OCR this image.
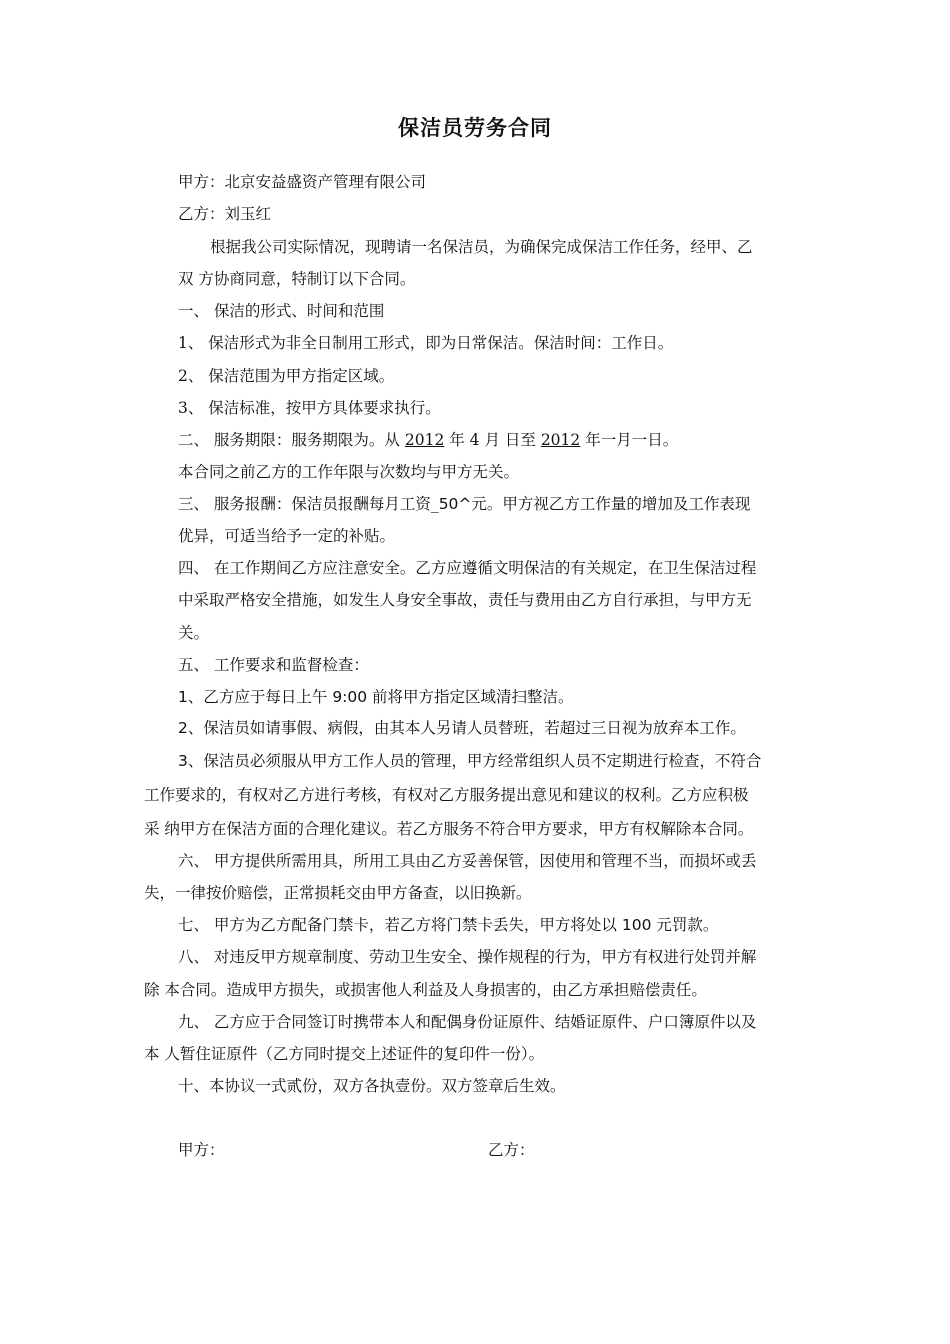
保洁员劳务合同
甲方：北京安益盛资产管理有限公司
乙方：刘玉红
根据我公司实际情况，现聘请一名保洁员，为确保完成保洁工作任务，经甲、乙
双 方协商同意，特制订以下合同。
一、 保洁的形式、时间和范围
1、 保洁形式为非全日制用工形式，即为日常保洁。保洁时间：工作日。
2、 保洁范围为甲方指定区域。
3、 保洁标准，按甲方具体要求执行。
二、 服务期限：服务期限为。从 2012 年 4 月 日至 2012 年一月一日。
本合同之前乙方的工作年限与次数均与甲方无关。
三、 服务报酬：保洁员报酬每月工资_50^元。甲方视乙方工作量的增加及工作表现
优异，可适当给予一定的补贴。
四、 在工作期间乙方应注意安全。乙方应遵循文明保洁的有关规定，在卫生保洁过程
中采取严格安全措施，如发生人身安全事故，责任与费用由乙方自行承担，与甲方无
关。
五、 工作要求和监督检查：
1、乙方应于每日上午 9:00 前将甲方指定区域清扫整洁。
2、保洁员如请事假、病假，由其本人另请人员替班，若超过三日视为放弃本工作。
3、保洁员必须服从甲方工作人员的管理，甲方经常组织人员不定期进行检查，不符合
工作要求的，有权对乙方进行考核，有权对乙方服务提出意见和建议的权利。乙方应积极
采 纳甲方在保洁方面的合理化建议。若乙方服务不符合甲方要求，甲方有权解除本合同。
六、 甲方提供所需用具，所用工具由乙方妥善保管，因使用和管理不当，而损坏或丢
失，一律按价赔偿，正常损耗交由甲方备查，以旧换新。
七、 甲方为乙方配备门禁卡，若乙方将门禁卡丢失，甲方将处以 100 元罚款。
八、 对违反甲方规章制度、劳动卫生安全、操作规程的行为，甲方有权进行处罚并解
除 本合同。造成甲方损失，或损害他人利益及人身损害的，由乙方承担赔偿责任。
九、 乙方应于合同签订时携带本人和配偶身份证原件、结婚证原件、户口簿原件以及
本 人暂住证原件（乙方同时提交上述证件的复印件一份）。
十、本协议一式贰份，双方各执壹份。双方签章后生效。
甲方：	乙方：
